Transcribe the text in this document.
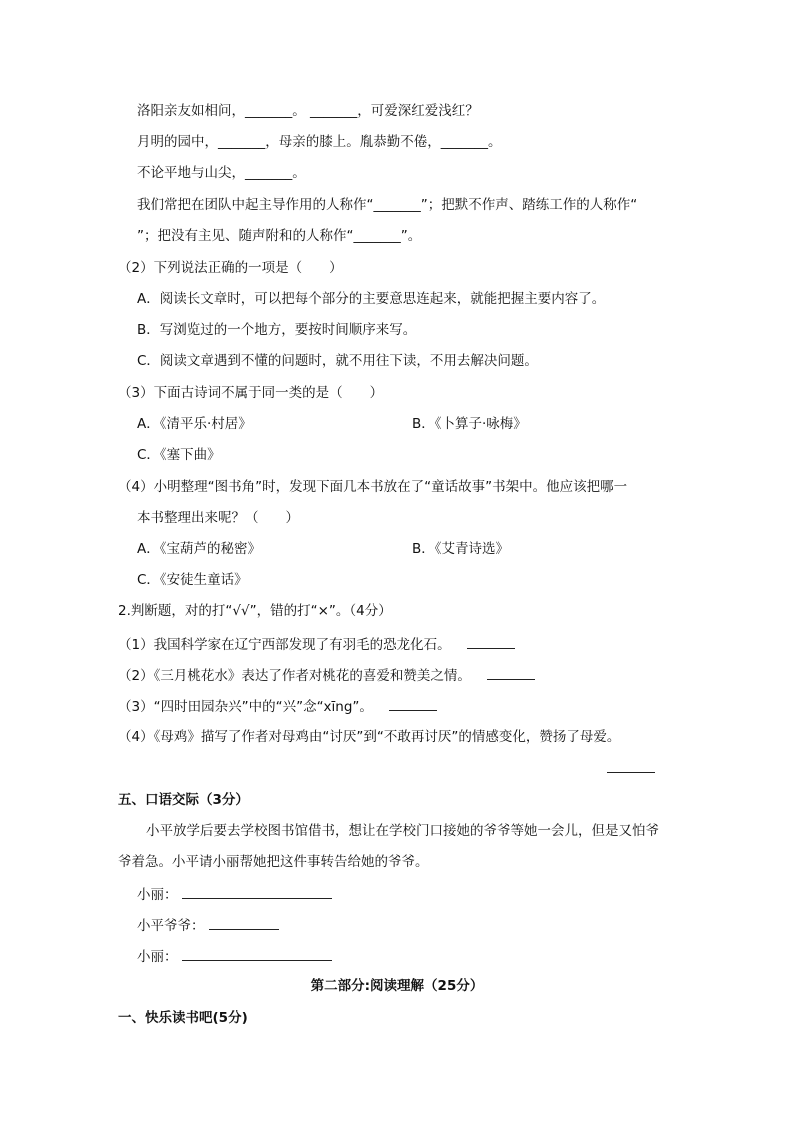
洛阳亲友如相问，_______。 _______，可爱深红爱浅红？
月明的园中，_______，母亲的膝上。胤恭勤不倦，_______。
不论平地与山尖，_______。
我们常把在团队中起主导作用的人称作“_______”；把默不作声、踏练工作的人称作“
”；把没有主见、随声附和的人称作“_______”。
（2）下列说法正确的一项是（　　）
A．阅读长文章时，可以把每个部分的主要意思连起来，就能把握主要内容了。
B．写浏览过的一个地方，要按时间顺序来写。
C．阅读文章遇到不懂的问题时，就不用往下读，不用去解决问题。
（3）下面古诗词不属于同一类的是（　　）
A．《清平乐·村居》	B．《卜算子·咏梅》
C．《塞下曲》
（4）小明整理“图书角”时，发现下面几本书放在了“童话故事”书架中。他应该把哪一
本书整理出来呢？（　　）
A．《宝葫芦的秘密》	B．《艾青诗选》
C．《安徒生童话》
2.判断题，对的打“√√”，错的打“×”。（4分）
（1）我国科学家在辽宁西部发现了有羽毛的恐龙化石。
（2）《三月桃花水》表达了作者对桃花的喜爱和赞美之情。
（3）“四时田园杂兴”中的“兴”念“xīng”。
（4）《母鸡》描写了作者对母鸡由“讨厌”到“不敢再讨厌”的情感变化，赞扬了母爱。
五、口语交际（3分）
小平放学后要去学校图书馆借书，想让在学校门口接她的爷爷等她一会儿，但是又怕爷
爷着急。小平请小丽帮她把这件事转告给她的爷爷。
小丽：
小平爷爷：
小丽：
第二部分:阅读理解（25分）
一、快乐读书吧(5分)
